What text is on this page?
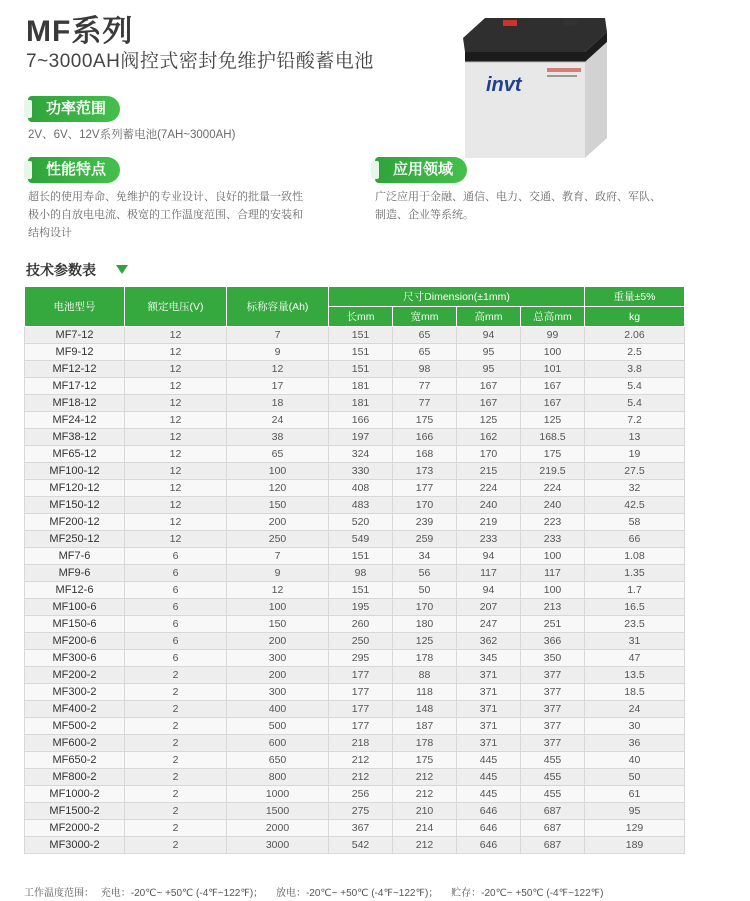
MF系列
7~3000AH阀控式密封免维护铅酸蓄电池
invt
功率范围
2V、6V、12V系列蓄电池(7AH~3000AH)
性能特点
超长的使用寿命、免维护的专业设计、良好的批量一致性
极小的自放电电流、极宽的工作温度范围、合理的安装和
结构设计
应用领域
广泛应用于金融、通信、电力、交通、教育、政府、军队、
制造、企业等系统。
技术参数表
电池型号	额定电压(V)	标称容量(Ah)	尺寸Dimension(±1mm)				重量±5%
			长mm	宽mm	高mm	总高mm	kg
MF7-12	12	7	151	65	94	99	2.06
MF9-12	12	9	151	65	95	100	2.5
MF12-12	12	12	151	98	95	101	3.8
MF17-12	12	17	181	77	167	167	5.4
MF18-12	12	18	181	77	167	167	5.4
MF24-12	12	24	166	175	125	125	7.2
MF38-12	12	38	197	166	162	168.5	13
MF65-12	12	65	324	168	170	175	19
MF100-12	12	100	330	173	215	219.5	27.5
MF120-12	12	120	408	177	224	224	32
MF150-12	12	150	483	170	240	240	42.5
MF200-12	12	200	520	239	219	223	58
MF250-12	12	250	549	259	233	233	66
MF7-6	6	7	151	34	94	100	1.08
MF9-6	6	9	98	56	117	117	1.35
MF12-6	6	12	151	50	94	100	1.7
MF100-6	6	100	195	170	207	213	16.5
MF150-6	6	150	260	180	247	251	23.5
MF200-6	6	200	250	125	362	366	31
MF300-6	6	300	295	178	345	350	47
MF200-2	2	200	177	88	371	377	13.5
MF300-2	2	300	177	118	371	377	18.5
MF400-2	2	400	177	148	371	377	24
MF500-2	2	500	177	187	371	377	30
MF600-2	2	600	218	178	371	377	36
MF650-2	2	650	212	175	445	455	40
MF800-2	2	800	212	212	445	455	50
MF1000-2	2	1000	256	212	445	455	61
MF1500-2	2	1500	275	210	646	687	95
MF2000-2	2	2000	367	214	646	687	129
MF3000-2	2	3000	542	212	646	687	189
工作温度范围： 充电：-20℃~ +50℃ (-4℉~122℉)； 放电：-20℃~ +50℃ (-4℉~122℉)； 贮存：-20℃~ +50℃ (-4℉~122℉)
